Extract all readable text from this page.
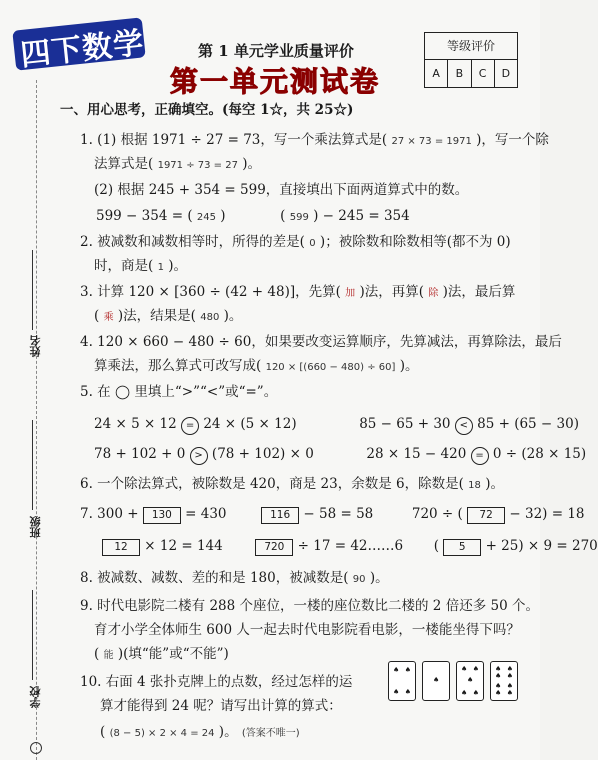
姓名
班级
学校
四下数学	第 1 单元学业质量评价
第一单元测试卷
等级评价
A	B	C	D
一、用心思考，正确填空。(每空 1☆，共 25☆)
1. (1) 根据 1971 ÷ 27 = 73，写一个乘法算式是( 27 × 73 = 1971 )，写一个除
法算式是( 1971 ÷ 73 = 27 )。
(2) 根据 245 + 354 = 599，直接填出下面两道算式中的数。
599 − 354 = ( 245 )	( 599 ) − 245 = 354
2. 被减数和减数相等时，所得的差是( 0 )；被除数和除数相等(都不为 0)
时，商是( 1 )。
3. 计算 120 × [360 ÷ (42 + 48)]，先算( 加 )法，再算( 除 )法，最后算
( 乘 )法，结果是( 480 )。
4. 120 × 660 − 480 ÷ 60，如果要改变运算顺序，先算减法，再算除法，最后
算乘法，那么算式可改写成( 120 × [(660 − 480) ÷ 60] )。
5. 在 ◯ 里填上“>”“<”或“=”。
24 × 5 × 12 = 24 × (5 × 12)	85 − 65 + 30 < 85 + (65 − 30)
78 + 102 + 0 > (78 + 102) × 0	28 × 15 − 420 = 0 ÷ (28 × 15)
6. 一个除法算式，被除数是 420，商是 23，余数是 6，除数是( 18 )。
7. 300 + 130 = 430	116 − 58 = 58	720 ÷ ( 72 − 32) = 18
12 × 12 = 144	720 ÷ 17 = 42……6 ( 5 + 25) × 9 = 270
8. 被减数、减数、差的和是 180，被减数是( 90 )。
9. 时代电影院二楼有 288 个座位，一楼的座位数比二楼的 2 倍还多 50 个。
育才小学全体师生 600 人一起去时代电影院看电影，一楼能坐得下吗？
( 能 )(填“能”或“不能”)
10. 右面 4 张扑克牌上的点数，经过怎样的运
算才能得到 24 呢？请写出计算的算式：
( (8 − 5) × 2 × 4 = 24 )。 (答案不唯一)
♠ ♠
♠ ♠
♠
♠ ♠
♠
♠ ♠
♠ ♠
♠ ♠
♠ ♠
♠ ♠
